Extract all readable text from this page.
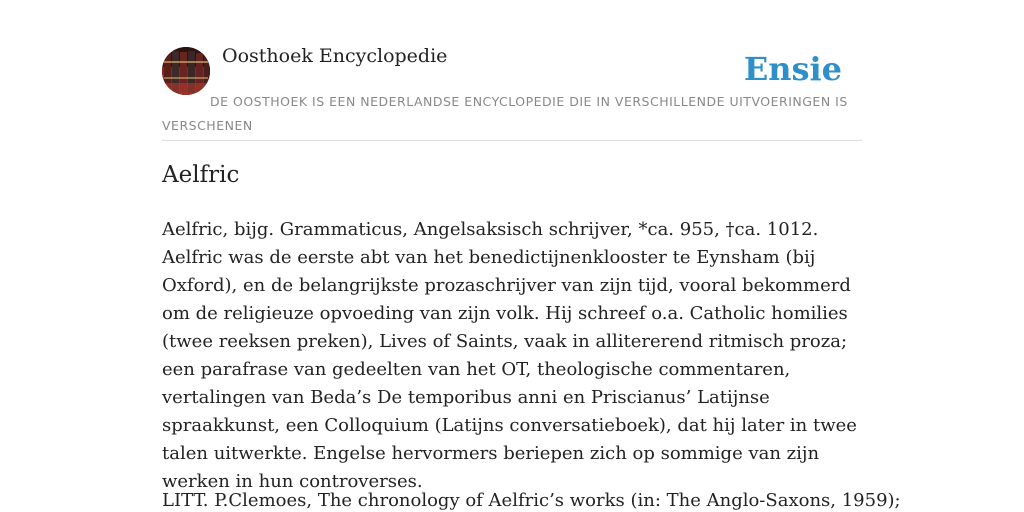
Oosthoek Encyclopedie	Ensie
DE OOSTHOEK IS EEN NEDERLANDSE ENCYCLOPEDIE DIE IN VERSCHILLENDE UITVOERINGEN IS VERSCHENEN
Aelfric

Aelfric, bijg. Grammaticus, Angelsaksisch schrijver, *ca. 955, †ca. 1012. Aelfric was de eerste abt van het benedictijnenklooster te Eynsham (bij Oxford), en de belangrijkste prozaschrijver van zijn tijd, vooral bekommerd om de religieuze opvoeding van zijn volk. Hij schreef o.a. Catholic homilies (twee reeksen preken), Lives of Saints, vaak in allitererend ritmisch proza; een parafrase van gedeelten van het OT, theologische commentaren, vertalingen van Beda’s De temporibus anni en Priscianus’ Latijnse spraakkunst, een Colloquium (Latijns conversatieboek), dat hij later in twee talen uitwerkte. Engelse hervormers beriepen zich op sommige van zijn werken in hun controverses.

LITT. P.Clemoes, The chronology of Aelfric’s works (in: The Anglo-Saxons, 1959);
